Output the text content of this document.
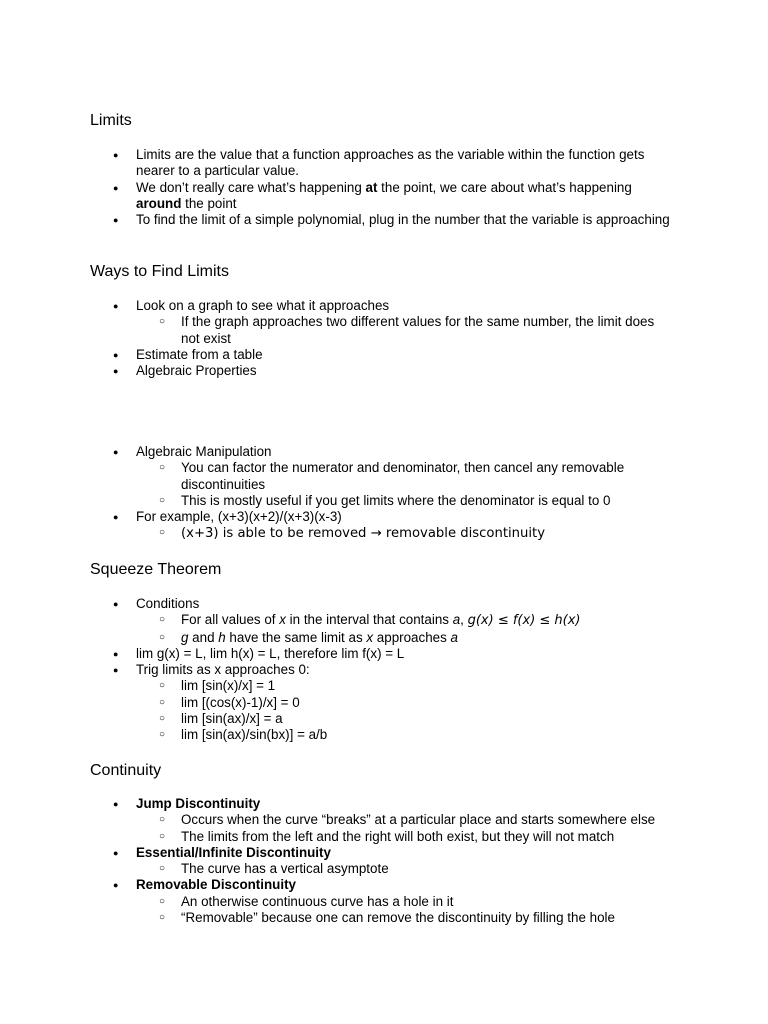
Limits
● Limits are the value that a function approaches as the variable within the function gets nearer to a particular value.
● We don’t really care what’s happening at the point, we care about what’s happening around the point
● To find the limit of a simple polynomial, plug in the number that the variable is approaching
Ways to Find Limits
● Look on a graph to see what it approaches
○ If the graph approaches two different values for the same number, the limit does not exist
● Estimate from a table
● Algebraic Properties
● Algebraic Manipulation
○ You can factor the numerator and denominator, then cancel any removable discontinuities
○ This is mostly useful if you get limits where the denominator is equal to 0
● For example, (x+3)(x+2)/(x+3)(x-3)
○ (x+3) is able to be removed → removable discontinuity
Squeeze Theorem
● Conditions
○ For all values of x in the interval that contains a, g(x) ≤ f(x) ≤ h(x)
○ g and h have the same limit as x approaches a
● lim g(x) = L, lim h(x) = L, therefore lim f(x) = L
● Trig limits as x approaches 0:
○ lim [sin(x)/x] = 1
○ lim [(cos(x)-1)/x] = 0
○ lim [sin(ax)/x] = a
○ lim [sin(ax)/sin(bx)] = a/b
Continuity
● Jump Discontinuity
○ Occurs when the curve “breaks” at a particular place and starts somewhere else
○ The limits from the left and the right will both exist, but they will not match
● Essential/Infinite Discontinuity
○ The curve has a vertical asymptote
● Removable Discontinuity
○ An otherwise continuous curve has a hole in it
○ “Removable” because one can remove the discontinuity by filling the hole
